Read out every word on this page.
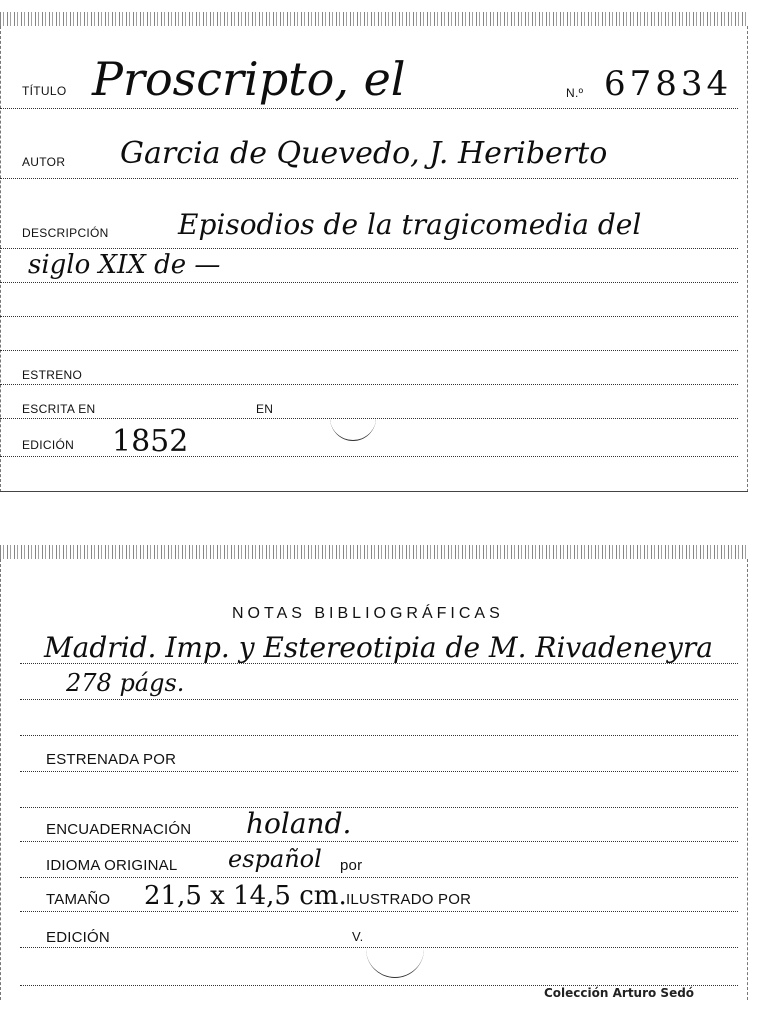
TÍTULO Proscripto, el	N.º 67834
AUTOR Garcia de Quevedo, J. Heriberto
DESCRIPCIÓN Episodios de la tragicomedia del
siglo XIX de —
ESTRENO
ESCRITA EN	EN
EDICIÓN 1852
NOTAS BIBLIOGRÁFICAS
Madrid. Imp. y Estereotipia de M. Rivadeneyra
278 págs.
ESTRENADA POR
ENCUADERNACIÓN holand.
IDIOMA ORIGINAL español por
TAMAÑO 21,5 x 14,5 cm. ILUSTRADO POR
EDICIÓN	V.
Colección Arturo Sedó
